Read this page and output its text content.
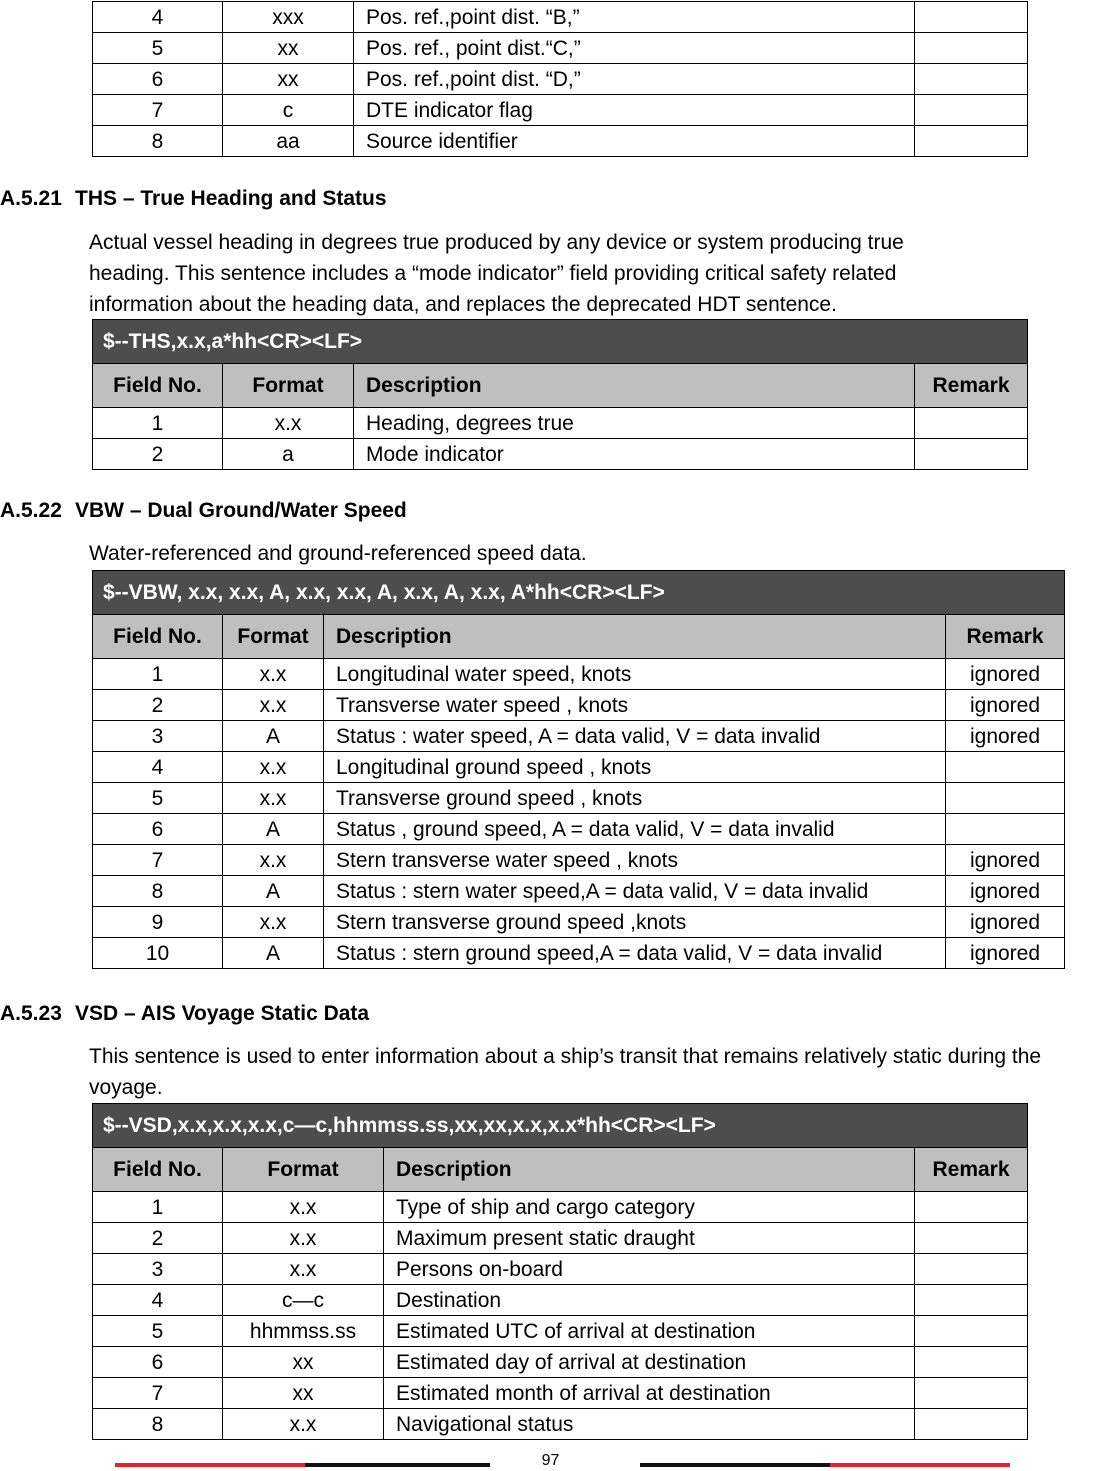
4	xxx	Pos. ref.,point dist. “B,”	
5	xx	Pos. ref., point dist.“C,”	
6	xx	Pos. ref.,point dist. “D,”	
7	c	DTE indicator flag	
8	aa	Source identifier	
A.5.21 THS – True Heading and Status
Actual vessel heading in degrees true produced by any device or system producing true heading. This sentence includes a “mode indicator” field providing critical safety related information about the heading data, and replaces the deprecated HDT sentence.
$--THS,x.x,a*hh<CR><LF>			
Field No.	Format	Description	Remark
1	x.x	Heading, degrees true	
2	a	Mode indicator	
A.5.22 VBW – Dual Ground/Water Speed
Water-referenced and ground-referenced speed data.
$--VBW, x.x, x.x, A, x.x, x.x, A, x.x, A, x.x, A*hh<CR><LF>			
Field No.	Format	Description	Remark
1	x.x	Longitudinal water speed, knots	ignored
2	x.x	Transverse water speed , knots	ignored
3	A	Status : water speed, A = data valid, V = data invalid	ignored
4	x.x	Longitudinal ground speed , knots	
5	x.x	Transverse ground speed , knots	
6	A	Status , ground speed, A = data valid, V = data invalid	
7	x.x	Stern transverse water speed , knots	ignored
8	A	Status : stern water speed,A = data valid, V = data invalid	ignored
9	x.x	Stern transverse ground speed ,knots	ignored
10	A	Status : stern ground speed,A = data valid, V = data invalid	ignored
A.5.23 VSD – AIS Voyage Static Data
This sentence is used to enter information about a ship’s transit that remains relatively static during the voyage.
$--VSD,x.x,x.x,x.x,c—c,hhmmss.ss,xx,xx,x.x,x.x*hh<CR><LF>			
Field No.	Format	Description	Remark
1	x.x	Type of ship and cargo category	
2	x.x	Maximum present static draught	
3	x.x	Persons on-board	
4	c—c	Destination	
5	hhmmss.ss	Estimated UTC of arrival at destination	
6	xx	Estimated day of arrival at destination	
7	xx	Estimated month of arrival at destination	
8	x.x	Navigational status	
97
